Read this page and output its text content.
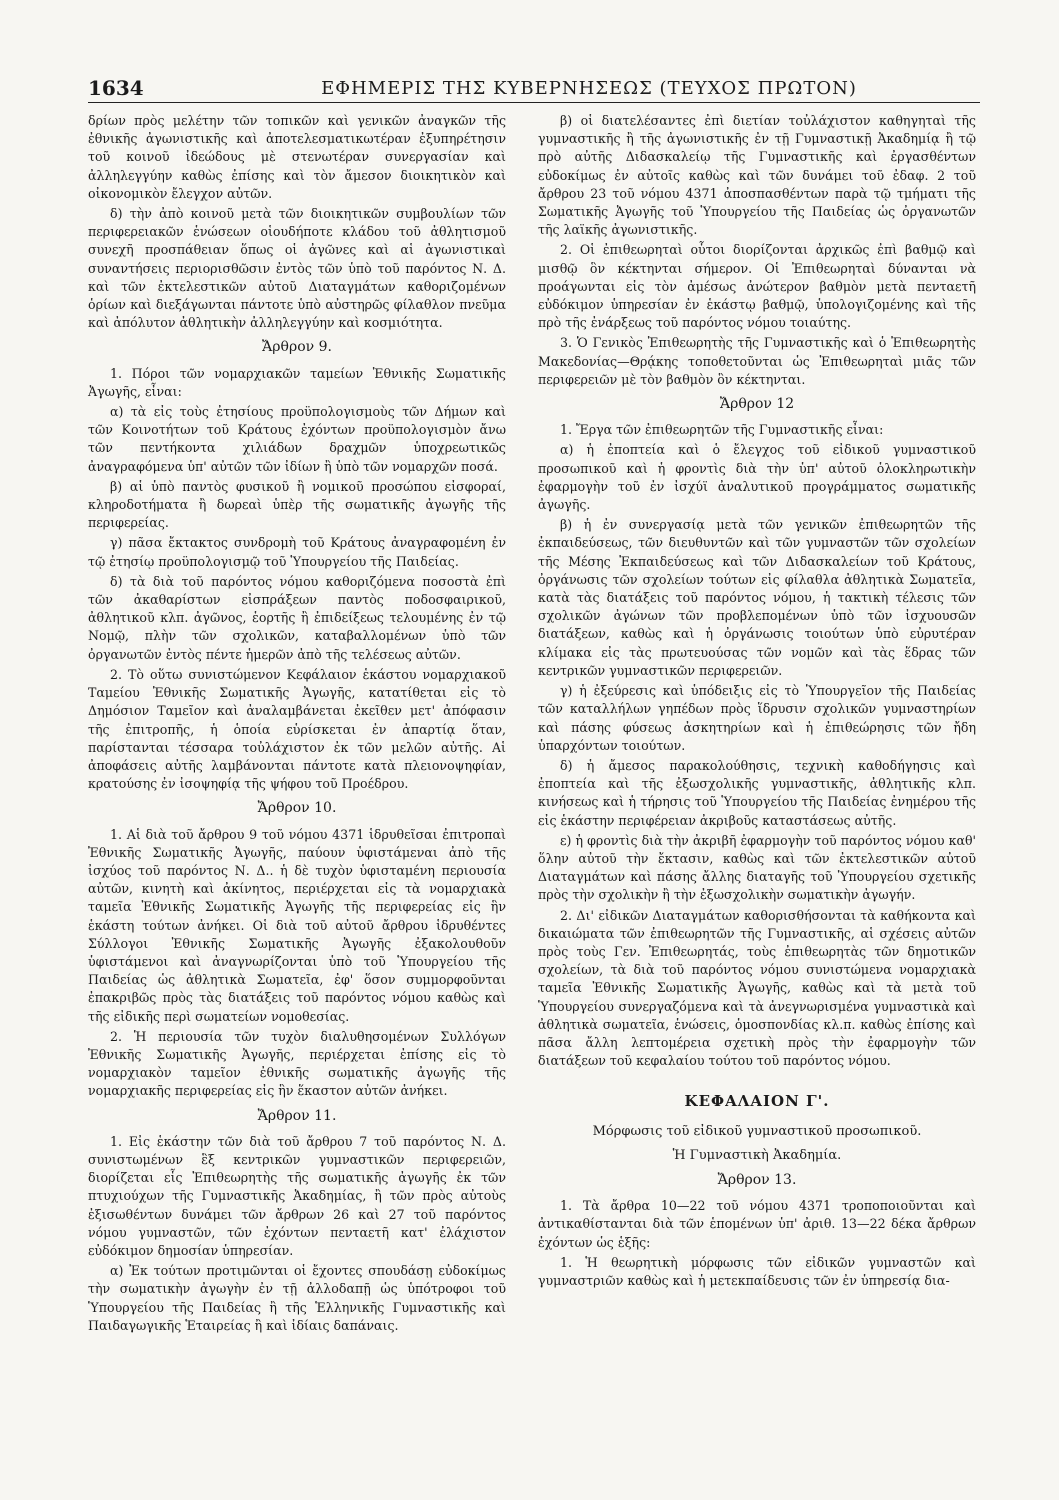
1634	ΕΦΗΜΕΡΙΣ ΤΗΣ ΚΥΒΕΡΝΗΣΕΩΣ (ΤΕΥΧΟΣ ΠΡΩΤΟΝ)

δρίων πρὸς μελέτην τῶν τοπικῶν καὶ γενικῶν ἀναγκῶν τῆς ἐθνικῆς ἀγωνιστικῆς καὶ ἀποτελεσματικωτέραν ἐξυπηρέτησιν τοῦ κοινοῦ ἰδεώδους μὲ στενωτέραν συνεργασίαν καὶ ἀλληλεγγύην καθὼς ἐπίσης καὶ τὸν ἄμεσον διοικητικὸν καὶ οἰκονομικὸν ἔλεγχον αὐτῶν.

δ) τὴν ἀπὸ κοινοῦ μετὰ τῶν διοικητικῶν συμβουλίων τῶν περιφερειακῶν ἑνώσεων οἱουδήποτε κλάδου τοῦ ἀθλητισμοῦ συνεχῆ προσπάθειαν ὅπως οἱ ἀγῶνες καὶ αἱ ἀγωνιστικαὶ συναντήσεις περιορισθῶσιν ἐντὸς τῶν ὑπὸ τοῦ παρόντος Ν. Δ. καὶ τῶν ἐκτελεστικῶν αὐτοῦ Διαταγμάτων καθοριζομένων ὁρίων καὶ διεξάγωνται πάντοτε ὑπὸ αὐστηρῶς φίλαθλον πνεῦμα καὶ ἀπόλυτον ἀθλητικὴν ἀλληλεγγύην καὶ κοσμιότητα.

Ἄρθρον 9.

1. Πόροι τῶν νομαρχιακῶν ταμείων Ἐθνικῆς Σωματικῆς Ἀγωγῆς, εἶναι:

α) τὰ εἰς τοὺς ἐτησίους προϋπολογισμοὺς τῶν Δήμων καὶ τῶν Κοινοτήτων τοῦ Κράτους ἐχόντων προϋπολογισμὸν ἄνω τῶν πεντήκοντα χιλιάδων δραχμῶν ὑποχρεωτικῶς ἀναγραφόμενα ὑπ' αὐτῶν τῶν ἰδίων ἢ ὑπὸ τῶν νομαρχῶν ποσά.

β) αἱ ὑπὸ παντὸς φυσικοῦ ἢ νομικοῦ προσώπου εἰσφοραί, κληροδοτήματα ἢ δωρεαὶ ὑπὲρ τῆς σωματικῆς ἀγωγῆς τῆς περιφερείας.

γ) πᾶσα ἔκτακτος συνδρομὴ τοῦ Κράτους ἀναγραφομένη ἐν τῷ ἐτησίῳ προϋπολογισμῷ τοῦ Ὑπουργείου τῆς Παιδείας.

δ) τὰ διὰ τοῦ παρόντος νόμου καθοριζόμενα ποσοστὰ ἐπὶ τῶν ἀκαθαρίστων εἰσπράξεων παντὸς ποδοσφαιρικοῦ, ἀθλητικοῦ κλπ. ἀγῶνος, ἑορτῆς ἢ ἐπιδείξεως τελουμένης ἐν τῷ Νομῷ, πλὴν τῶν σχολικῶν, καταβαλλομένων ὑπὸ τῶν ὀργανωτῶν ἐντὸς πέντε ἡμερῶν ἀπὸ τῆς τελέσεως αὐτῶν.

2. Τὸ οὕτω συνιστώμενον Κεφάλαιον ἑκάστου νομαρχιακοῦ Ταμείου Ἐθνικῆς Σωματικῆς Ἀγωγῆς, κατατίθεται εἰς τὸ Δημόσιον Ταμεῖον καὶ ἀναλαμβάνεται ἐκεῖθεν μετ' ἀπόφασιν τῆς ἐπιτροπῆς, ἡ ὁποία εὑρίσκεται ἐν ἀπαρτίᾳ ὅταν, παρίστανται τέσσαρα τοὐλάχιστον ἐκ τῶν μελῶν αὐτῆς. Αἱ ἀποφάσεις αὐτῆς λαμβάνονται πάντοτε κατὰ πλειονοψηφίαν, κρατούσης ἐν ἰσοψηφίᾳ τῆς ψήφου τοῦ Προέδρου.

Ἄρθρον 10.

1. Αἱ διὰ τοῦ ἄρθρου 9 τοῦ νόμου 4371 ἱδρυθεῖσαι ἐπιτροπαὶ Ἐθνικῆς Σωματικῆς Ἀγωγῆς, παύουν ὑφιστάμεναι ἀπὸ τῆς ἰσχύος τοῦ παρόντος Ν. Δ.. ἡ δὲ τυχὸν ὑφισταμένη περιουσία αὐτῶν, κινητὴ καὶ ἀκίνητος, περιέρχεται εἰς τὰ νομαρχιακὰ ταμεῖα Ἐθνικῆς Σωματικῆς Ἀγωγῆς τῆς περιφερείας εἰς ἣν ἑκάστη τούτων ἀνήκει. Οἱ διὰ τοῦ αὐτοῦ ἄρθρου ἱδρυθέντες Σύλλογοι Ἐθνικῆς Σωματικῆς Ἀγωγῆς ἐξακολουθοῦν ὑφιστάμενοι καὶ ἀναγνωρίζονται ὑπὸ τοῦ Ὑπουργείου τῆς Παιδείας ὡς ἀθλητικὰ Σωματεῖα, ἐφ' ὅσον συμμορφοῦνται ἐπακριβῶς πρὸς τὰς διατάξεις τοῦ παρόντος νόμου καθὼς καὶ τῆς εἰδικῆς περὶ σωματείων νομοθεσίας.

2. Ἡ περιουσία τῶν τυχὸν διαλυθησομένων Συλλόγων Ἐθνικῆς Σωματικῆς Ἀγωγῆς, περιέρχεται ἐπίσης εἰς τὸ νομαρχιακὸν ταμεῖον ἐθνικῆς σωματικῆς ἀγωγῆς τῆς νομαρχιακῆς περιφερείας εἰς ἣν ἕκαστον αὐτῶν ἀνήκει.

Ἄρθρον 11.

1. Εἰς ἑκάστην τῶν διὰ τοῦ ἄρθρου 7 τοῦ παρόντος Ν. Δ. συνιστωμένων ἓξ κεντρικῶν γυμναστικῶν περιφερειῶν, διορίζεται εἷς Ἐπιθεωρητὴς τῆς σωματικῆς ἀγωγῆς ἐκ τῶν πτυχιούχων τῆς Γυμναστικῆς Ἀκαδημίας, ἢ τῶν πρὸς αὐτοὺς ἐξισωθέντων δυνάμει τῶν ἄρθρων 26 καὶ 27 τοῦ παρόντος νόμου γυμναστῶν, τῶν ἐχόντων πενταετῆ κατ' ἐλάχιστον εὐδόκιμον δημοσίαν ὑπηρεσίαν.

α) Ἐκ τούτων προτιμῶνται οἱ ἔχοντες σπουδάσῃ εὐδοκίμως τὴν σωματικὴν ἀγωγὴν ἐν τῇ ἀλλοδαπῇ ὡς ὑπότροφοι τοῦ Ὑπουργείου τῆς Παιδείας ἢ τῆς Ἑλληνικῆς Γυμναστικῆς καὶ Παιδαγωγικῆς Ἑταιρείας ἢ καὶ ἰδίαις δαπάναις.

β) οἱ διατελέσαντες ἐπὶ διετίαν τοὐλάχιστον καθηγηταὶ τῆς γυμναστικῆς ἢ τῆς ἀγωνιστικῆς ἐν τῇ Γυμναστικῇ Ἀκαδημίᾳ ἢ τῷ πρὸ αὐτῆς Διδασκαλείῳ τῆς Γυμναστικῆς καὶ ἐργασθέντων εὐδοκίμως ἐν αὐτοῖς καθὼς καὶ τῶν δυνάμει τοῦ ἐδαφ. 2 τοῦ ἄρθρου 23 τοῦ νόμου 4371 ἀποσπασθέντων παρὰ τῷ τμήματι τῆς Σωματικῆς Ἀγωγῆς τοῦ Ὑπουργείου τῆς Παιδείας ὡς ὀργανωτῶν τῆς λαϊκῆς ἀγωνιστικῆς.

2. Οἱ ἐπιθεωρηταὶ οὗτοι διορίζονται ἀρχικῶς ἐπὶ βαθμῷ καὶ μισθῷ ὃν κέκτηνται σήμερον. Οἱ Ἐπιθεωρηταὶ δύνανται νὰ προάγωνται εἰς τὸν ἀμέσως ἀνώτερον βαθμὸν μετὰ πενταετῆ εὐδόκιμον ὑπηρεσίαν ἐν ἑκάστῳ βαθμῷ, ὑπολογιζομένης καὶ τῆς πρὸ τῆς ἐνάρξεως τοῦ παρόντος νόμου τοιαύτης.

3. Ὁ Γενικὸς Ἐπιθεωρητὴς τῆς Γυμναστικῆς καὶ ὁ Ἐπιθεωρητὴς Μακεδονίας—Θρᾴκης τοποθετοῦνται ὡς Ἐπιθεωρηταὶ μιᾶς τῶν περιφερειῶν μὲ τὸν βαθμὸν ὃν κέκτηνται.

Ἄρθρον 12

1. Ἔργα τῶν ἐπιθεωρητῶν τῆς Γυμναστικῆς εἶναι:

α) ἡ ἐποπτεία καὶ ὁ ἔλεγχος τοῦ εἰδικοῦ γυμναστικοῦ προσωπικοῦ καὶ ἡ φροντὶς διὰ τὴν ὑπ' αὐτοῦ ὁλοκληρωτικὴν ἐφαρμογὴν τοῦ ἐν ἰσχύϊ ἀναλυτικοῦ προγράμματος σωματικῆς ἀγωγῆς.

β) ἡ ἐν συνεργασίᾳ μετὰ τῶν γενικῶν ἐπιθεωρητῶν τῆς ἐκπαιδεύσεως, τῶν διευθυντῶν καὶ τῶν γυμναστῶν τῶν σχολείων τῆς Μέσης Ἐκπαιδεύσεως καὶ τῶν Διδασκαλείων τοῦ Κράτους, ὀργάνωσις τῶν σχολείων τούτων εἰς φίλαθλα ἀθλητικὰ Σωματεῖα, κατὰ τὰς διατάξεις τοῦ παρόντος νόμου, ἡ τακτικὴ τέλεσις τῶν σχολικῶν ἀγώνων τῶν προβλεπομένων ὑπὸ τῶν ἰσχυουσῶν διατάξεων, καθὼς καὶ ἡ ὀργάνωσις τοιούτων ὑπὸ εὐρυτέραν κλίμακα εἰς τὰς πρωτευούσας τῶν νομῶν καὶ τὰς ἕδρας τῶν κεντρικῶν γυμναστικῶν περιφερειῶν.

γ) ἡ ἐξεύρεσις καὶ ὑπόδειξις εἰς τὸ Ὑπουργεῖον τῆς Παιδείας τῶν καταλλήλων γηπέδων πρὸς ἵδρυσιν σχολικῶν γυμναστηρίων καὶ πάσης φύσεως ἀσκητηρίων καὶ ἡ ἐπιθεώρησις τῶν ἤδη ὑπαρχόντων τοιούτων.

δ) ἡ ἄμεσος παρακολούθησις, τεχνικὴ καθοδήγησις καὶ ἐποπτεία καὶ τῆς ἐξωσχολικῆς γυμναστικῆς, ἀθλητικῆς κλπ. κινήσεως καὶ ἡ τήρησις τοῦ Ὑπουργείου τῆς Παιδείας ἐνημέρου τῆς εἰς ἑκάστην περιφέρειαν ἀκριβοῦς καταστάσεως αὐτῆς.

ε) ἡ φροντὶς διὰ τὴν ἀκριβῆ ἐφαρμογὴν τοῦ παρόντος νόμου καθ' ὅλην αὐτοῦ τὴν ἔκτασιν, καθὼς καὶ τῶν ἐκτελεστικῶν αὐτοῦ Διαταγμάτων καὶ πάσης ἄλλης διαταγῆς τοῦ Ὑπουργείου σχετικῆς πρὸς τὴν σχολικὴν ἢ τὴν ἐξωσχολικὴν σωματικὴν ἀγωγήν.

2. Δι' εἰδικῶν Διαταγμάτων καθορισθήσονται τὰ καθήκοντα καὶ δικαιώματα τῶν ἐπιθεωρητῶν τῆς Γυμναστικῆς, αἱ σχέσεις αὐτῶν πρὸς τοὺς Γεν. Ἐπιθεωρητάς, τοὺς ἐπιθεωρητὰς τῶν δημοτικῶν σχολείων, τὰ διὰ τοῦ παρόντος νόμου συνιστώμενα νομαρχιακὰ ταμεῖα Ἐθνικῆς Σωματικῆς Ἀγωγῆς, καθὼς καὶ τὰ μετὰ τοῦ Ὑπουργείου συνεργαζόμενα καὶ τὰ ἀνεγνωρισμένα γυμναστικὰ καὶ ἀθλητικὰ σωματεῖα, ἑνώσεις, ὁμοσπονδίας κλ.π. καθὼς ἐπίσης καὶ πᾶσα ἄλλη λεπτομέρεια σχετικὴ πρὸς τὴν ἐφαρμογὴν τῶν διατάξεων τοῦ κεφαλαίου τούτου τοῦ παρόντος νόμου.

ΚΕΦΑΛΑΙΟΝ Γ'.
Μόρφωσις τοῦ εἰδικοῦ γυμναστικοῦ προσωπικοῦ.
Ἡ Γυμναστικὴ Ἀκαδημία.
Ἄρθρον 13.

1. Τὰ ἄρθρα 10—22 τοῦ νόμου 4371 τροποποιοῦνται καὶ ἀντικαθίστανται διὰ τῶν ἑπομένων ὑπ' ἀριθ. 13—22 δέκα ἄρθρων ἐχόντων ὡς ἑξῆς:

1. Ἡ θεωρητικὴ μόρφωσις τῶν εἰδικῶν γυμναστῶν καὶ γυμναστριῶν καθὼς καὶ ἡ μετεκπαίδευσις τῶν ἐν ὑπηρεσίᾳ δια-
